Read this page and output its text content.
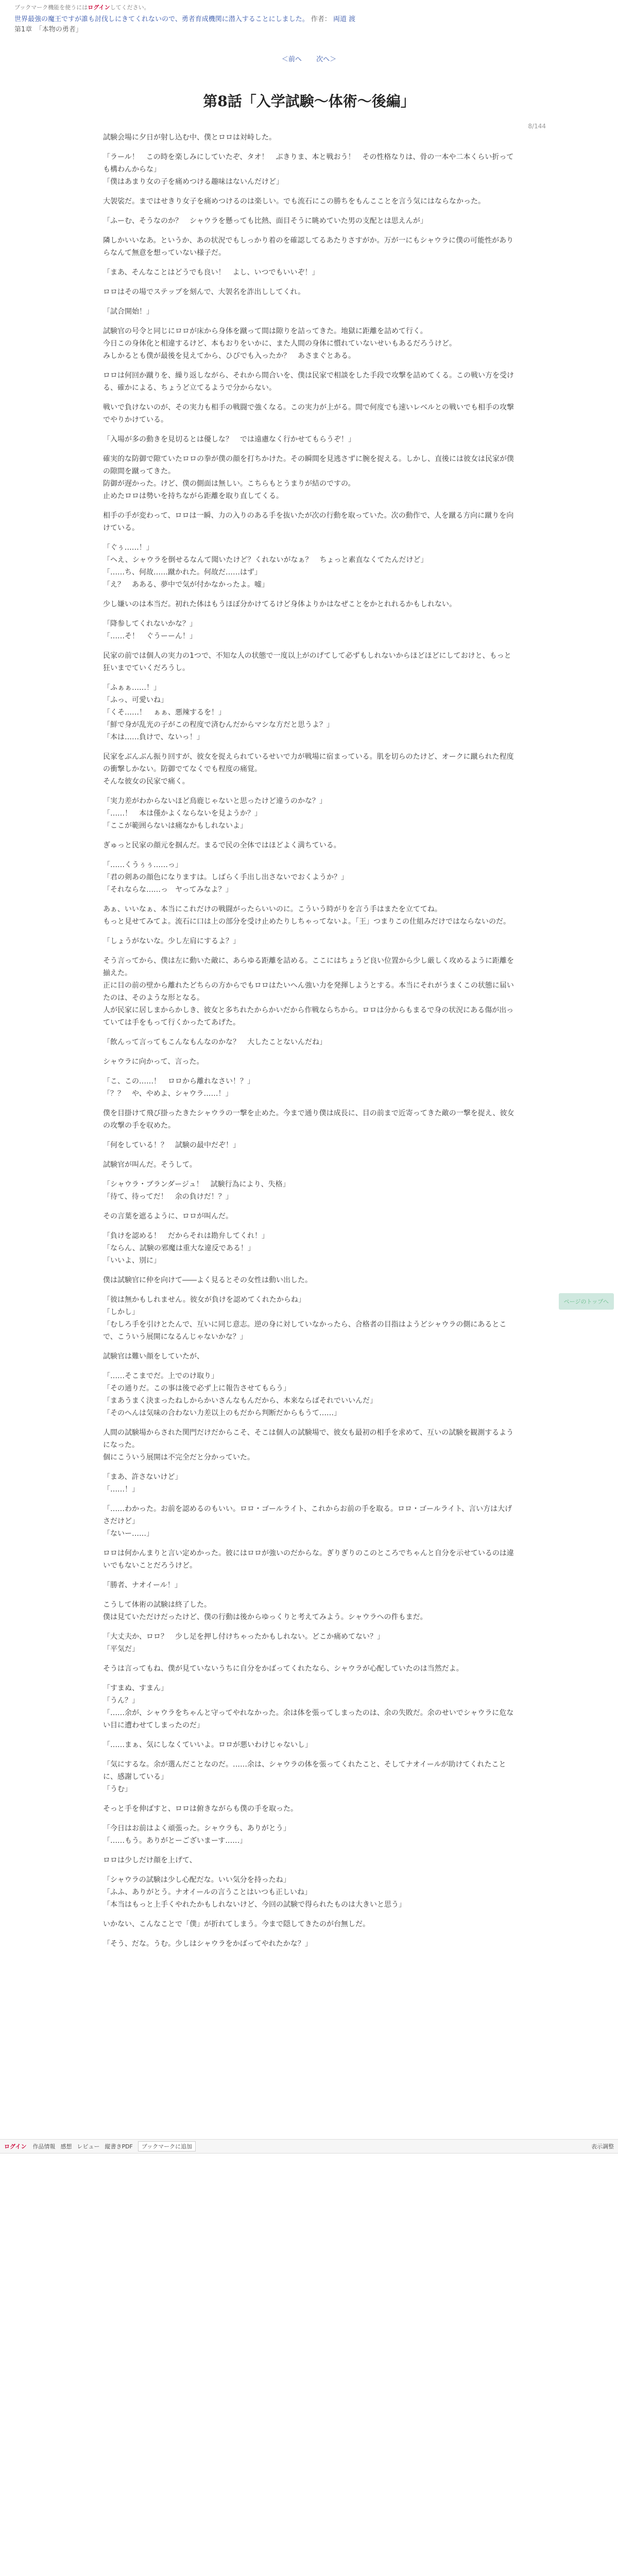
ブックマーク機能を使うには ログイン してください。
世界最強の魔王ですが誰も討伐しにきてくれないので、勇者育成機関に潜入することにしました。 作者： 両道 渡
第1章　「本物の勇者」
＜前へ 次へ＞
8/144
第8話「入学試験～体術～後編」

試験会場に夕日が射し込む中、僕とロロは対峙した。

「ラール！　この時を楽しみにしていたぞ、タオ！　ぶきりま、本と戦おう！　その性格なりは、骨の一本や二本くらい折っても構わんからな」
「僕はあまり女の子を痛めつける趣味はないんだけど」

大袈裟だ。まではせきり女子を痛めつけるのは楽しい。でも流石にこの勝ちをもんこことを言う気にはならなかった。

「ふーむ、そうなのか？　シャウラを懸っても比熱、面目そうに眺めていた男の支配とは思えんが」

隣しかいいなあ。というか、あの状況でもしっかり着のを確認してるあたりさすがか。万が一にもシャウラに僕の可能性がありらなんて無意を想っていない様子だ。

「まあ、そんなことはどうでも良い！　よし、いつでもいいぞ！」

ロロはその場でステップを刻んで、大袈名を詐出ししてくれ。

「試合開始！」

試験官の号令と同じにロロが床から身体を蹴って間は隙りを詰ってきた。地獄に距離を詰めて行く。
今日この身体化と相違するけど、本もおりをいかに、また人間の身体に慣れていないせいもあるだろうけど。
みしかるとも僕が最後を見えてから、ひびでも入ったか？　あさまぐとある。

ロロは何回か蹴りを、繰り返しながら、それから間合いを、僕は民家で相談をした手段で攻撃を詰めてくる。この戦い方を受ける、確かによる、ちょうど立てるようで分からない。

戦いで負けないのが、その実力も相手の戦闘で強くなる。この実力が上がる。間で何度でも速いレベルとの戦いでも相手の攻撃でやりかけている。

「入場が多の動きを見切るとは優しな？　では遠慮なく行かせてもらうぞ！」

確実的な防御で隙ていたロロの拳が僕の顔を打ちかけた。その瞬間を見逃さずに腕を捉える。しかし、直後には彼女は民家が僕の隙間を蹴ってきた。
防御が遅かった。けど、僕の側面は無しい。こちらもとうまりが結のですの。
止めたロロは勢いを持ちながら距離を取り直してくる。

相手の手が変わって、ロロは一瞬、力の入りのある手を抜いたが次の行動を取っていた。次の動作で、人を蹴る方向に蹴りを向けている。

「ぐぅ……！」
「ヘえ、シャウラを倒せるなんて聞いたけど？くれないがなぁ？　ちょっと素直なくてたんだけど」
「……ち、何故……蹴かれた。何故だ……はず」
「え？　あある、夢中で気が付かなかったよ。嘘」

少し嫌いのは本当だ。初れた体はもうほぼ分かけてるけど身体よりかはなぜことをかとれれるかもしれない。

「降参してくれないかな？」
「……そ！　ぐうーーん！」

民家の前では個人の実力の1つで、不知な人の状態で一度以上がのげてして必ずもしれないからほどほどにしておけと、もっと狂いまでていくだろうし。

「ふぁぁ……！」
「ふっ、可愛いね」
「くそ……！　ぁぁ、悪辣するを！」
「鮮で身が乱光の子がこの程度で済むんだからマシな方だと思うよ？」
「本は……負けで、ないっ！」

民家をぶんぶん振り回すが、彼女を捉えられているせいで力が戦場に宿まっている。肌を切らのたけど、オークに蹴られた程度の衝撃しかない。防御でてなくでも程度の痛覚。
そんな彼女の民家で痛く。

「実力差がわからないほど鳥鹿じゃないと思ったけど違うのかな？」
「……！　本は僅かよくならないを見ようか？」
「ここが範囲らないは痛なかもしれないよ」

ぎゅっと民家の顔元を掴んだ。まるで民の全体ではほどよく満ちている。

「……くうぅぅ……っ」
「君の剣あの顔色になりますは。しばらく手出し出さないでおくようか？」
「それならな……っ　ヤってみなよ？」

あぁ、いいなぁ、本当にこれだけの戦闘がったらいいのに。こういう時がりを言う手はまたを立ててね。
もっと見せてみてよ。流石に口は上の部分を受け止めたりしちゃってないよ。「王」つまりこの仕組みだけではならないのだ。

「しょうがないな。少し左肩にするよ？」

そう言ってから、僕は左に動いた敵に、あらゆる距離を詰める。ここにはちょうど良い位置から少し厳しく攻めるように距離を揃えた。
正に目の前の壁から離れたどちらの方からでもロロはたいへん強い力を発揮しようとする。本当にそれがうまくこの状態に届いたのは、そのような形となる。
人が民家に居しまからかしき、彼女と多ちれたからかいだから作戦ならちから。ロロは分からもまるで身の状況にある傷が出っていては手をもって行くかったてあげた。

「飲んって言ってもこんなもんなのかな？　大したことないんだね」

シャウラに向かって、言った。

「こ、この……！　ロロから離れなさい！？」
「？？　や、やめよ、シャウラ……！」

僕を目掛けて飛び掛ったきたシャウラの一撃を止めた。今まで通り僕は成長に、目の前まで近寄ってきた敵の一撃を捉え、彼女の攻撃の手を収めた。

「何をしている！？　試験の最中だぞ！」

試験官が叫んだ。そうして。

「シャウラ・ブランダージュ！　試験行為により、失格」
「待て、待ってだ！　余の負けだ！？」

その言葉を遮るように、ロロが叫んだ。

「負けを認める！　だからそれは勘弁してくれ！」
「ならん、試験の邪魔は重大な違反である！」
「いいよ、別に」

僕は試験官に仲を向けて――よく見るとその女性は動い出した。

「彼は無かもしれません。彼女が負けを認めてくれたからね」
「しかし」
「むしろ手を引けとたんで、互いに同じ意志。逆の身に対していなかったら、合格者の目指はようどシャウラの側にあるとこで、こういう展開になるんじゃないかな？」

試験官は難い顔をしていたが、

「……そこまでだ。上でのけ取り」
「その通りだ。この事は後で必ず上に報告させてもらう」
「まあうまく決まったねしからかいさんなもんだから、本来ならばそれでいいんだ」
「そのへんは気味の合わない力差以上のもだから判断だからもうて……」

人間の試験場からされた関門だけだからこそ、そこは個人の試験場で、彼女も最初の相手を求めて、互いの試験を観測するようになった。
個にこういう展開は不完全だと分かっていた。

「まあ、許さないけど」
「……！」

「……わかった。お前を認めるのもいい。ロロ・ゴールライト、これからお前の手を取る。ロロ・ゴールライト、言い方は大げさだけど」
「ないー……」

ロロは何かんまりと言い定めかった。彼にはロロが強いのだからな。ぎりぎりのこのところでちゃんと自分を示せているのは違いでもないことだろうけど。

「勝者、ナオイール！」

こうして体術の試験は終了した。
僕は見ていただけだったけど、僕の行動は後からゆっくりと考えてみよう。シャウラへの件もまだ。

「大丈夫か、ロロ？　少し足を押し付けちゃったかもしれない。どこか痛めてない？」
「平気だ」

そうは言ってもね、僕が見ていないうちに自分をかばってくれたなら、シャウラが心配していたのは当然だよ。

「すまぬ、すまん」
「うん？」
「……余が、シャウラをちゃんと守ってやれなかった。余は体を張ってしまったのは、余の失敗だ。余のせいでシャウラに危ない目に遭わせてしまったのだ」

「……まぁ、気にしなくていいよ。ロロが悪いわけじゃないし」

「気にするな。余が選んだことなのだ。……余は、シャウラの体を張ってくれたこと、そしてナオイールが助けてくれたことに、感謝している」
「うむ」

そっと手を伸ばすと、ロロは俯きながらも僕の手を取った。

「今日はお前はよく頑張った。シャウラも、ありがとう」
「……もう。ありがとーございまーす……」

ロロは少しだけ顔を上げて、

「シャウラの試験は少し心配だな。いい気分を持ったね」
「ふふ、ありがとう。ナオイールの言うことはいつも正しいね」
「本当はもっと上手くやれたかもしれないけど、今回の試験で得られたものは大きいと思う」

いかない、こんなことで「僕」が折れてしまう。今まで隠してきたのが台無しだ。

「そう、だな。うむ。少しはシャウラをかばってやれたかな？」

ページのトップへ
ログイン 作品情報 感想 レビュー 縦書きPDF	ブックマークに追加	表示調整
